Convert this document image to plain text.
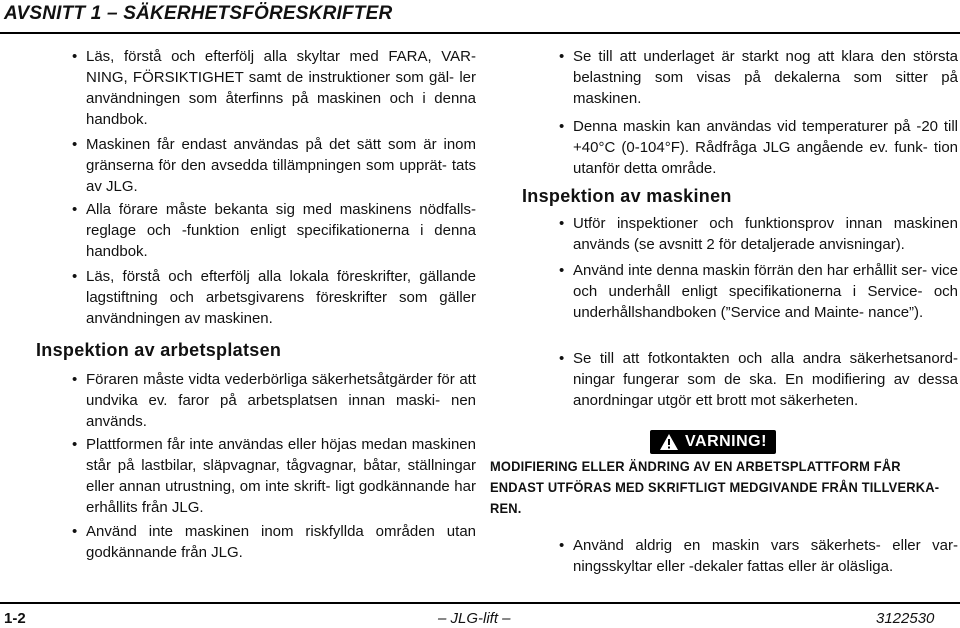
AVSNITT 1 – SÄKERHETSFÖRESKRIFTER
• Läs, förstå och efterfölj alla skyltar med FARA, VAR- NING, FÖRSIKTIGHET samt de instruktioner som gäl- ler användningen som återfinns på maskinen och i denna handbok.
• Maskinen får endast användas på det sätt som är inom gränserna för den avsedda tillämpningen som upprät- tats av JLG.
• Alla förare måste bekanta sig med maskinens nödfalls- reglage och -funktion enligt specifikationerna i denna handbok.
• Läs, förstå och efterfölj alla lokala föreskrifter, gällande lagstiftning och arbetsgivarens föreskrifter som gäller användningen av maskinen.
Inspektion av arbetsplatsen
• Föraren måste vidta vederbörliga säkerhetsåtgärder för att undvika ev. faror på arbetsplatsen innan maski- nen används.
• Plattformen får inte användas eller höjas medan maskinen står på lastbilar, släpvagnar, tågvagnar, båtar, ställningar eller annan utrustning, om inte skrift- ligt godkännande har erhållits från JLG.
• Använd inte maskinen inom riskfyllda områden utan godkännande från JLG.
• Se till att underlaget är starkt nog att klara den största belastning som visas på dekalerna som sitter på maskinen.
• Denna maskin kan användas vid temperaturer på -20 till +40°C (0-104°F). Rådfråga JLG angående ev. funk- tion utanför detta område.
Inspektion av maskinen
• Utför inspektioner och funktionsprov innan maskinen används (se avsnitt 2 för detaljerade anvisningar).
• Använd inte denna maskin förrän den har erhållit ser- vice och underhåll enligt specifikationerna i Service- och underhållshandboken (”Service and Mainte- nance”).
• Se till att fotkontakten och alla andra säkerhetsanord- ningar fungerar som de ska. En modifiering av dessa anordningar utgör ett brott mot säkerheten.
VARNING!
MODIFIERING ELLER ÄNDRING AV EN ARBETSPLATTFORM FÅR ENDAST UTFÖRAS MED SKRIFTLIGT MEDGIVANDE FRÅN TILLVERKA- REN.
• Använd aldrig en maskin vars säkerhets- eller var- ningsskyltar eller -dekaler fattas eller är oläsliga.
1-2	– JLG-lift –	3122530
